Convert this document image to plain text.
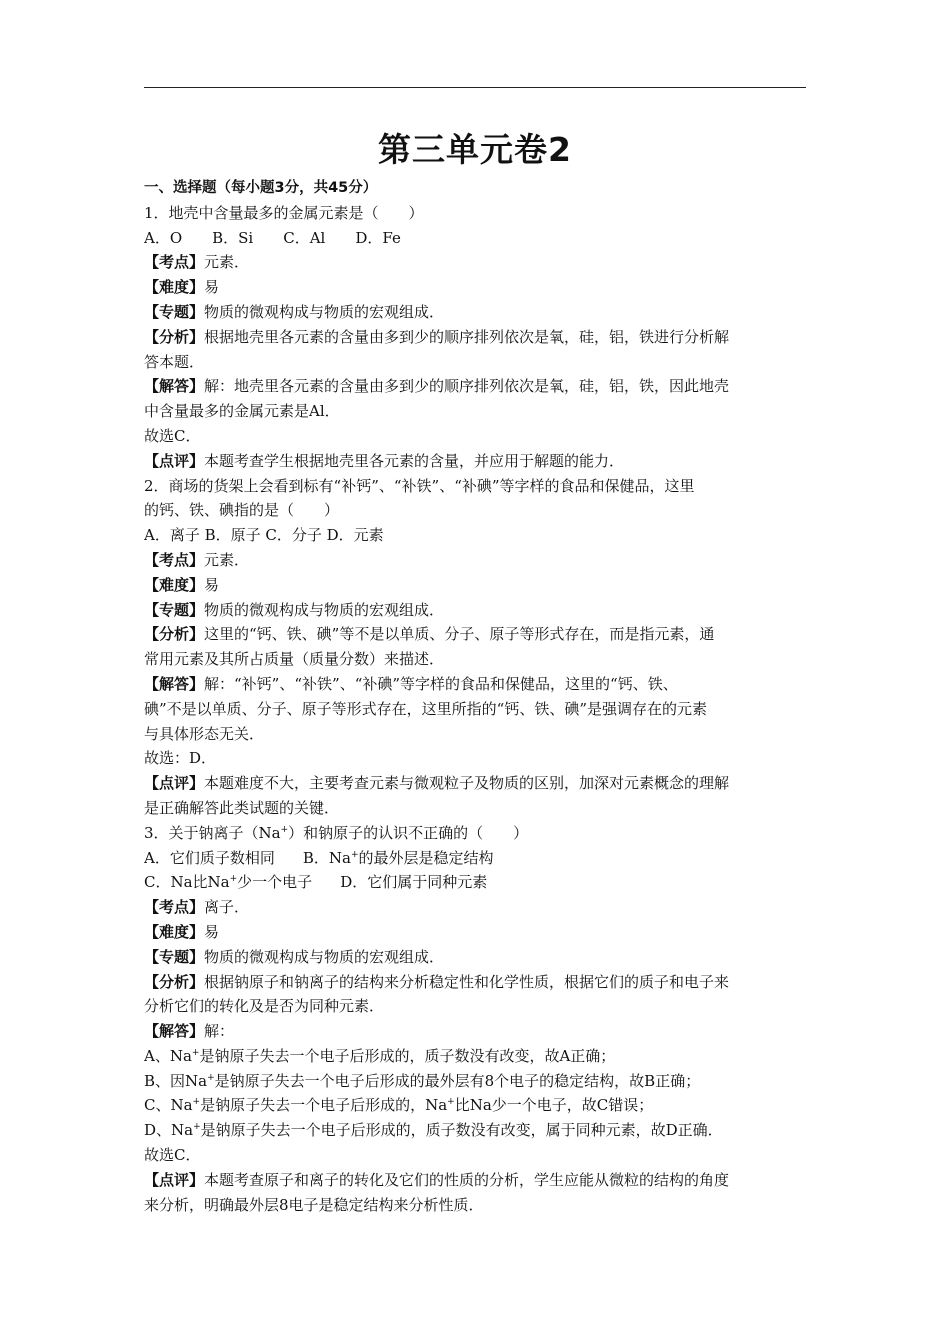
第三单元卷2
一、选择题（每小题3分，共45分）
1．地壳中含量最多的金属元素是（　　）
A．O　　B．Si　　C．Al　　D．Fe
【考点】元素．
【难度】易
【专题】物质的微观构成与物质的宏观组成．
【分析】根据地壳里各元素的含量由多到少的顺序排列依次是氧，硅，铝，铁进行分析解
答本题．
【解答】解：地壳里各元素的含量由多到少的顺序排列依次是氧，硅，铝，铁，因此地壳
中含量最多的金属元素是Al．
故选C．
【点评】本题考查学生根据地壳里各元素的含量，并应用于解题的能力．
2．商场的货架上会看到标有“补钙”、“补铁”、“补碘”等字样的食品和保健品，这里
的钙、铁、碘指的是（　　）
A．离子 B．原子 C．分子 D．元素
【考点】元素．
【难度】易
【专题】物质的微观构成与物质的宏观组成．
【分析】这里的“钙、铁、碘”等不是以单质、分子、原子等形式存在，而是指元素，通
常用元素及其所占质量（质量分数）来描述．
【解答】解：“补钙”、“补铁”、“补碘”等字样的食品和保健品，这里的“钙、铁、
碘”不是以单质、分子、原子等形式存在，这里所指的“钙、铁、碘”是强调存在的元素
与具体形态无关．
故选：D．
【点评】本题难度不大，主要考查元素与微观粒子及物质的区别，加深对元素概念的理解
是正确解答此类试题的关键．
3．关于钠离子（Na+）和钠原子的认识不正确的（　　）
A．它们质子数相同 B．Na+的最外层是稳定结构
C．Na比Na+少一个电子 D．它们属于同种元素
【考点】离子．
【难度】易
【专题】物质的微观构成与物质的宏观组成．
【分析】根据钠原子和钠离子的结构来分析稳定性和化学性质，根据它们的质子和电子来
分析它们的转化及是否为同种元素．
【解答】解：
A、Na+是钠原子失去一个电子后形成的，质子数没有改变，故A正确；
B、因Na+是钠原子失去一个电子后形成的最外层有8个电子的稳定结构，故B正确；
C、Na+是钠原子失去一个电子后形成的，Na+比Na少一个电子，故C错误；
D、Na+是钠原子失去一个电子后形成的，质子数没有改变，属于同种元素，故D正确．
故选C．
【点评】本题考查原子和离子的转化及它们的性质的分析，学生应能从微粒的结构的角度
来分析，明确最外层8电子是稳定结构来分析性质．
